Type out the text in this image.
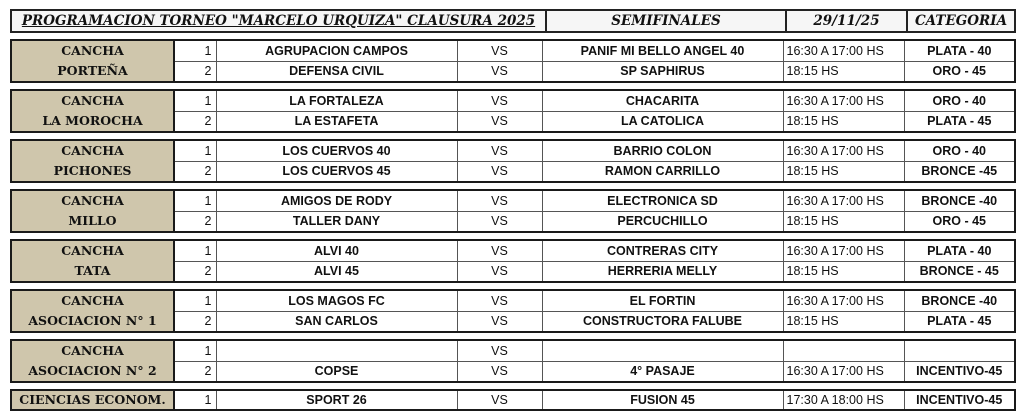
PROGRAMACION TORNEO "MARCELO URQUIZA" CLAUSURA 2025	SEMIFINALES	29/11/25	CATEGORIA
CANCHA
PORTEÑA	1	AGRUPACION CAMPOS	VS	PANIF MI BELLO ANGEL 40	16:30 A 17:00 HS	PLATA - 40
	2	DEFENSA CIVIL	VS	SP SAPHIRUS	18:15 HS	ORO - 45
CANCHA
LA MOROCHA	1	LA FORTALEZA	VS	CHACARITA	16:30 A 17:00 HS	ORO - 40
	2	LA ESTAFETA	VS	LA CATOLICA	18:15 HS	PLATA - 45
CANCHA
PICHONES	1	LOS CUERVOS 40	VS	BARRIO COLON	16:30 A 17:00 HS	ORO - 40
	2	LOS CUERVOS 45	VS	RAMON CARRILLO	18:15 HS	BRONCE -45
CANCHA
MILLO	1	AMIGOS DE RODY	VS	ELECTRONICA SD	16:30 A 17:00 HS	BRONCE -40
	2	TALLER DANY	VS	PERCUCHILLO	18:15 HS	ORO - 45
CANCHA
TATA	1	ALVI 40	VS	CONTRERAS CITY	16:30 A 17:00 HS	PLATA - 40
	2	ALVI 45	VS	HERRERIA MELLY	18:15 HS	BRONCE - 45
CANCHA
ASOCIACION N° 1	1	LOS MAGOS FC	VS	EL FORTIN	16:30 A 17:00 HS	BRONCE -40
	2	SAN CARLOS	VS	CONSTRUCTORA FALUBE	18:15 HS	PLATA - 45
CANCHA
ASOCIACION N° 2	1		VS			
	2	COPSE	VS	4° PASAJE	16:30 A 17:00 HS	INCENTIVO-45
CIENCIAS ECONOM.	1	SPORT 26	VS	FUSION 45	17:30 A 18:00 HS	INCENTIVO-45
